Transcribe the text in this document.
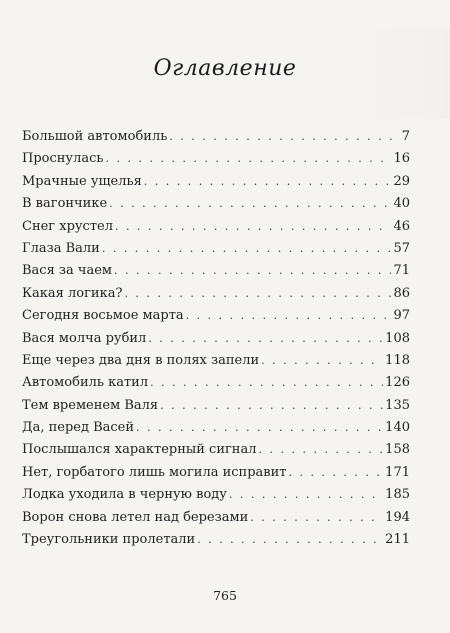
Оглавление
Большой автомобиль . . .	7
Проснулась . . .	16
Мрачные ущелья . . .	29
В вагончике . . .	40
Снег хрустел . . .	46
Глаза Вали . . .	57
Вася за чаем . . .	71
Какая логика? . . .	86
Сегодня восьмое марта . . .	97
Вася молча рубил . . .	108
Еще через два дня в полях запели . . .	118
Автомобиль катил . . .	126
Тем временем Валя . . .	135
Да, перед Васей . . .	140
Послышался характерный сигнал . . .	158
Нет, горбатого лишь могила исправит . . .	171
Лодка уходила в черную воду . . .	185
Ворон снова летел над березами . . .	194
Треугольники пролетали . . .	211
765
